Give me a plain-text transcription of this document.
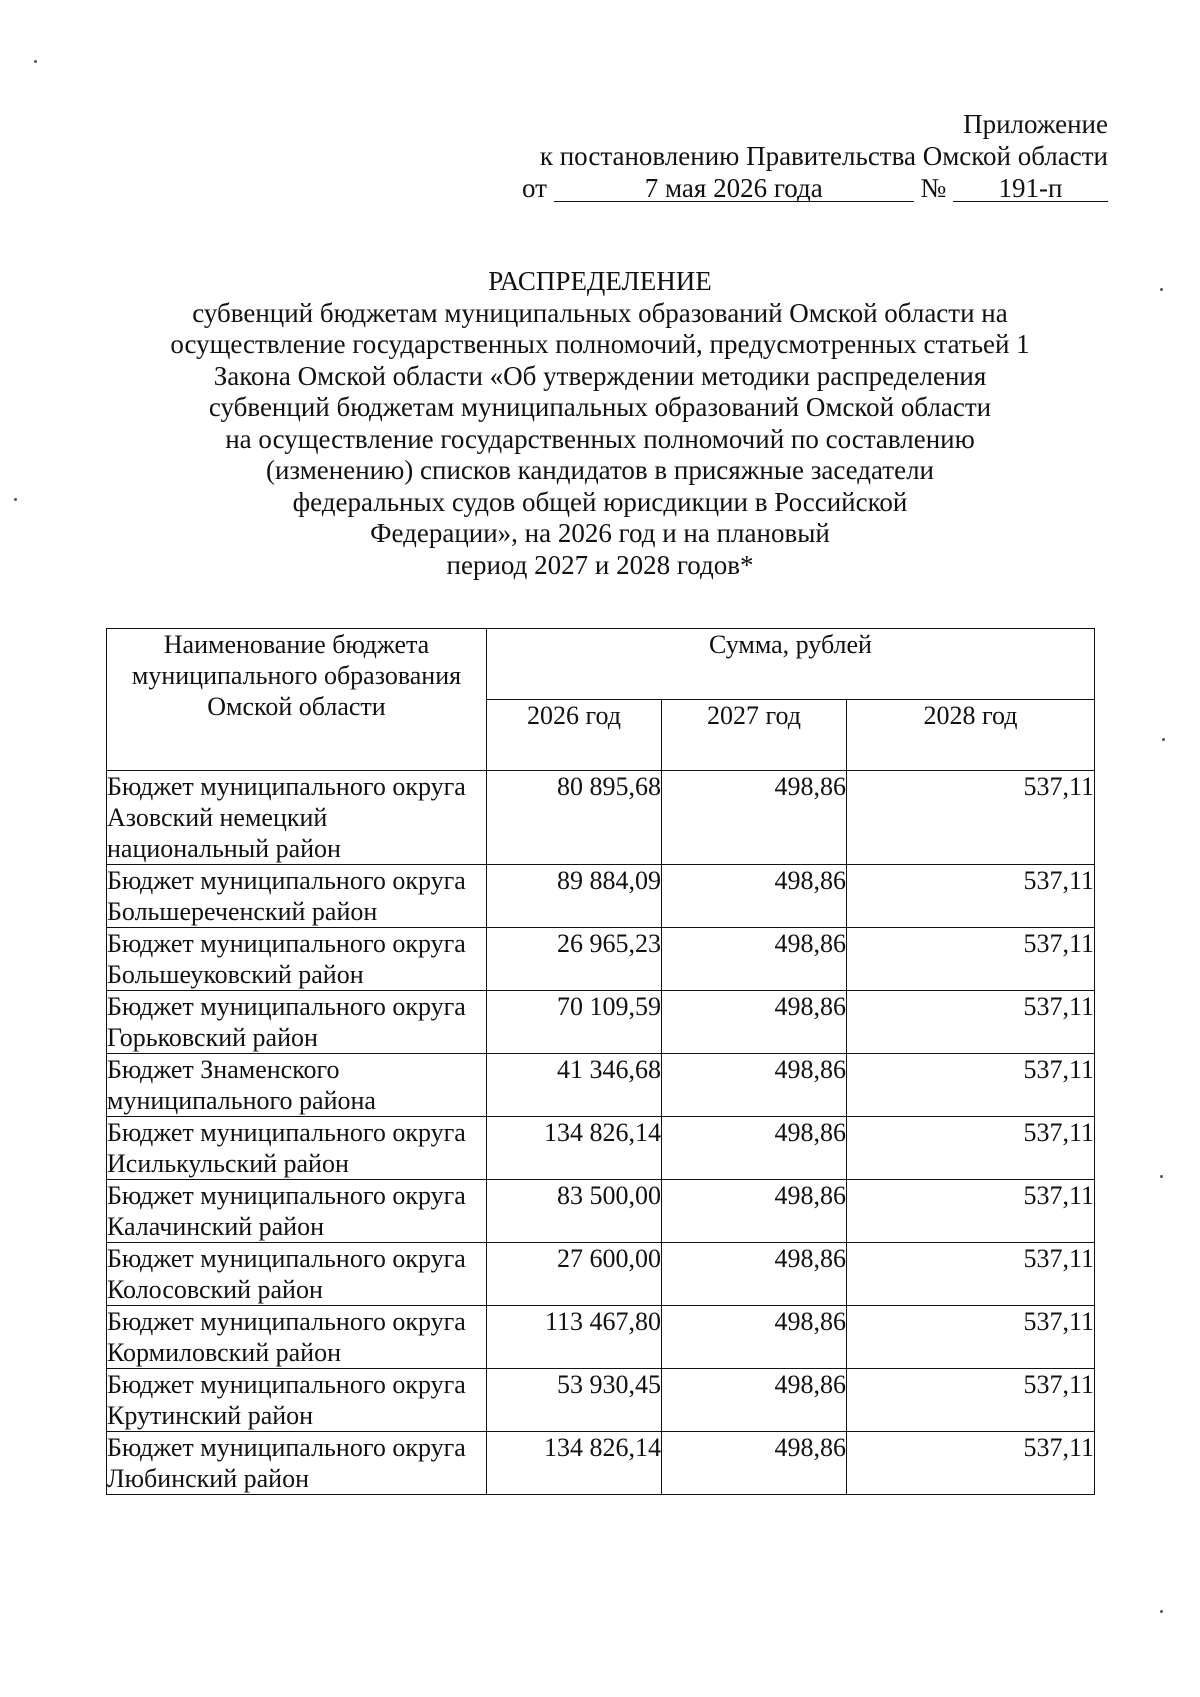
Приложение
к постановлению Правительства Омской области
от	7 мая 2026 года	№ 191-п
РАСПРЕДЕЛЕНИЕ
субвенций бюджетам муниципальных образований Омской области на
осуществление государственных полномочий, предусмотренных статьей 1
Закона Омской области «Об утверждении методики распределения
субвенций бюджетам муниципальных образований Омской области
на осуществление государственных полномочий по составлению
(изменению) списков кандидатов в присяжные заседатели
федеральных судов общей юрисдикции в Российской
Федерации», на 2026 год и на плановый
период 2027 и 2028 годов*
Наименование бюджета муниципального образования Омской области	Сумма, рублей		
	2026 год	2027 год	2028 год
Бюджет муниципального округа Азовский немецкий национальный район	80 895,68	498,86	537,11
Бюджет муниципального округа Большереченский район	89 884,09	498,86	537,11
Бюджет муниципального округа Большеуковский район	26 965,23	498,86	537,11
Бюджет муниципального округа Горьковский район	70 109,59	498,86	537,11
Бюджет Знаменского муниципального района	41 346,68	498,86	537,11
Бюджет муниципального округа Исилькульский район	134 826,14	498,86	537,11
Бюджет муниципального округа Калачинский район	83 500,00	498,86	537,11
Бюджет муниципального округа Колосовский район	27 600,00	498,86	537,11
Бюджет муниципального округа Кормиловский район	113 467,80	498,86	537,11
Бюджет муниципального округа Крутинский район	53 930,45	498,86	537,11
Бюджет муниципального округа Любинский район	134 826,14	498,86	537,11
